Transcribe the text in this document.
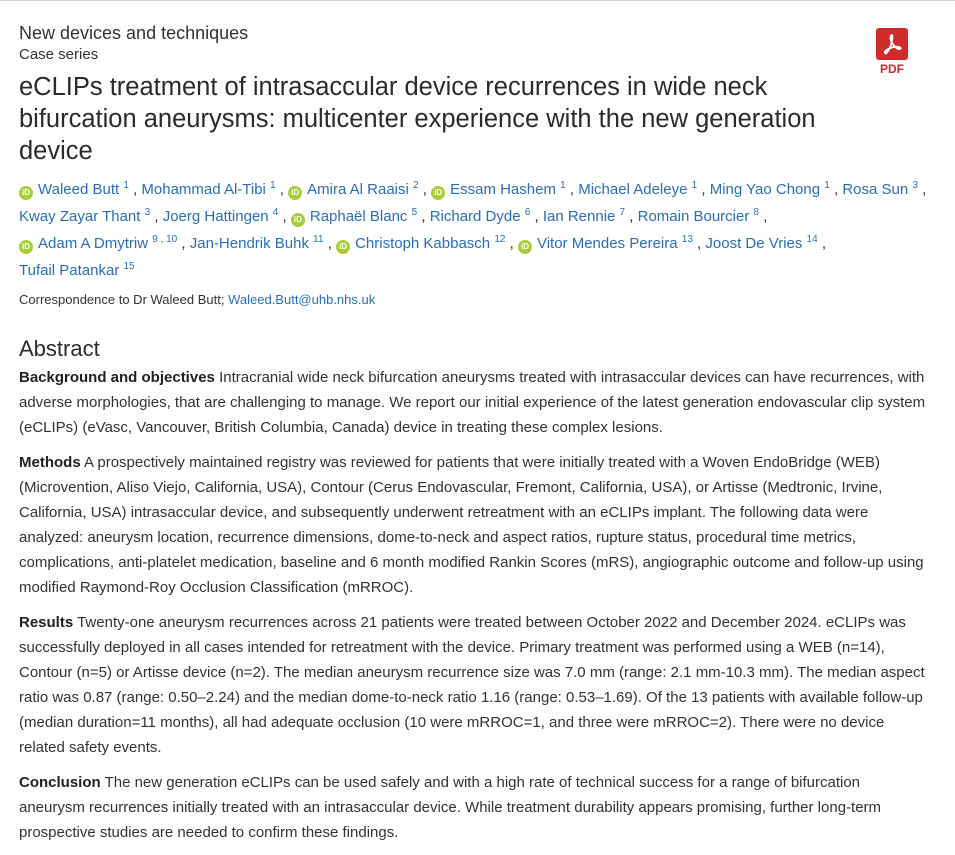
New devices and techniques
Case series
eCLIPs treatment of intrasaccular device recurrences in wide neck bifurcation aneurysms: multicenter experience with the new generation device
iD Waleed Butt $^1$ , Mohammad Al-Tibi $^1$ , iD Amira Al Raaisi $^2$ , iD Essam Hashem $^1$ , Michael Adeleye $^1$ , Ming Yao Chong $^1$ , Rosa Sun $^3$ , Kway Zayar Thant $^3$ , Joerg Hattingen $^4$ , iD Raphaël Blanc $^5$ , Richard Dyde $^6$ , Ian Rennie $^7$ , Romain Bourcier $^8$ , iD Adam A Dmytriw $^{9 , 10}$ , Jan-Hendrik Buhk $^{11}$ , iD Christoph Kabbasch $^{12}$ , iD Vitor Mendes Pereira $^{13}$ , Joost De Vries $^{14}$ , Tufail Patankar $^{15}$
Correspondence to Dr Waleed Butt; Waleed.Butt@uhb.nhs.uk
Abstract

Background and objectives Intracranial wide neck bifurcation aneurysms treated with intrasaccular devices can have recurrences, with adverse morphologies, that are challenging to manage. We report our initial experience of the latest generation endovascular clip system (eCLIPs) (eVasc, Vancouver, British Columbia, Canada) device in treating these complex lesions.

Methods A prospectively maintained registry was reviewed for patients that were initially treated with a Woven EndoBridge (WEB) (Microvention, Aliso Viejo, California, USA), Contour (Cerus Endovascular, Fremont, California, USA), or Artisse (Medtronic, Irvine, California, USA) intrasaccular device, and subsequently underwent retreatment with an eCLIPs implant. The following data were analyzed: aneurysm location, recurrence dimensions, dome-to-neck and aspect ratios, rupture status, procedural time metrics, complications, anti-platelet medication, baseline and 6 month modified Rankin Scores (mRS), angiographic outcome and follow-up using modified Raymond-Roy Occlusion Classification (mRROC).

Results Twenty-one aneurysm recurrences across 21 patients were treated between October 2022 and December 2024. eCLIPs was successfully deployed in all cases intended for retreatment with the device. Primary treatment was performed using a WEB (n=14), Contour (n=5) or Artisse device (n=2). The median aneurysm recurrence size was 7.0 mm (range: 2.1 mm-10.3 mm). The median aspect ratio was 0.87 (range: 0.50–2.24) and the median dome-to-neck ratio 1.16 (range: 0.53–1.69). Of the 13 patients with available follow-up (median duration=11 months), all had adequate occlusion (10 were mRROC=1, and three were mRROC=2). There were no device related safety events.

Conclusion The new generation eCLIPs can be used safely and with a high rate of technical success for a range of bifurcation aneurysm recurrences initially treated with an intrasaccular device. While treatment durability appears promising, further long-term prospective studies are needed to confirm these findings.

PDF
